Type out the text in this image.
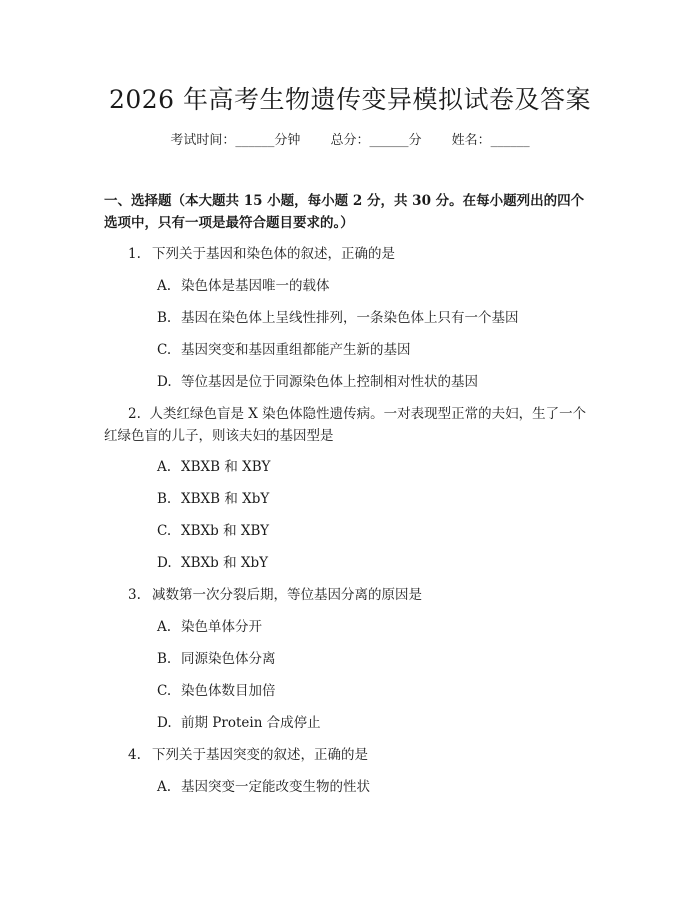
2026 年高考生物遗传变异模拟试卷及答案
考试时间：______分钟 总分：______分 姓名：______
一、选择题（本大题共 15 小题，每小题 2 分，共 30 分。在每小题列出的四个选项中，只有一项是最符合题目要求的。）
1. 下列关于基因和染色体的叙述，正确的是
A. 染色体是基因唯一的载体
B. 基因在染色体上呈线性排列，一条染色体上只有一个基因
C. 基因突变和基因重组都能产生新的基因
D. 等位基因是位于同源染色体上控制相对性状的基因
2. 人类红绿色盲是 X 染色体隐性遗传病。一对表现型正常的夫妇，生了一个红绿色盲的儿子，则该夫妇的基因型是
A. XBXB 和 XBY
B. XBXB 和 XbY
C. XBXb 和 XBY
D. XBXb 和 XbY
3. 减数第一次分裂后期，等位基因分离的原因是
A. 染色单体分开
B. 同源染色体分离
C. 染色体数目加倍
D. 前期 Protein 合成停止
4. 下列关于基因突变的叙述，正确的是
A. 基因突变一定能改变生物的性状
